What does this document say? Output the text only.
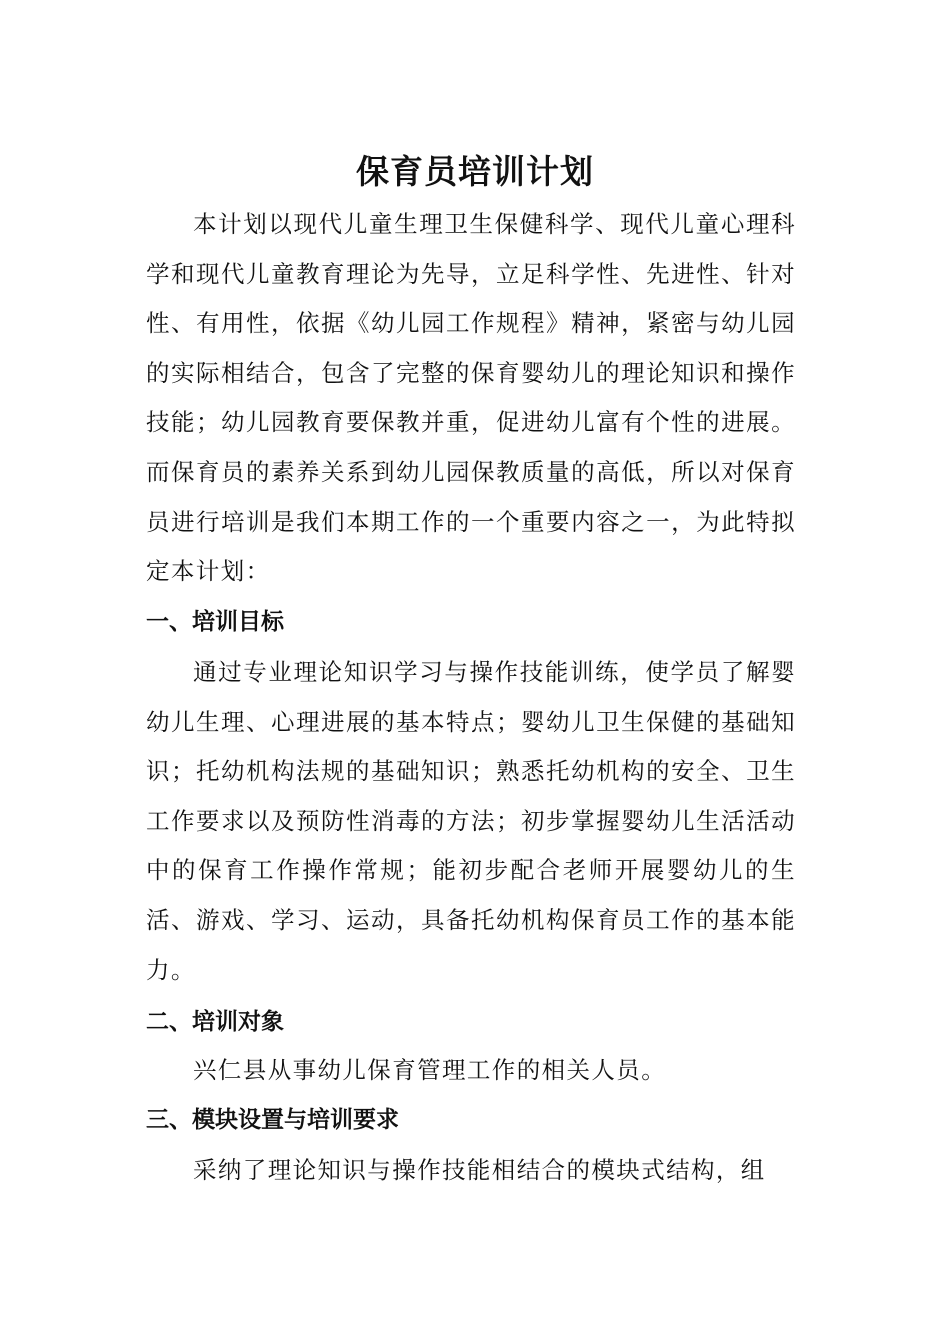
保育员培训计划

本计划以现代儿童生理卫生保健科学、现代儿童心理科学和现代儿童教育理论为先导，立足科学性、先进性、针对性、有用性，依据《幼儿园工作规程》精神，紧密与幼儿园的实际相结合，包含了完整的保育婴幼儿的理论知识和操作技能；幼儿园教育要保教并重，促进幼儿富有个性的进展。而保育员的素养关系到幼儿园保教质量的高低，所以对保育员进行培训是我们本期工作的一个重要内容之一，为此特拟定本计划：

一、培训目标

通过专业理论知识学习与操作技能训练，使学员了解婴幼儿生理、心理进展的基本特点；婴幼儿卫生保健的基础知识；托幼机构法规的基础知识；熟悉托幼机构的安全、卫生工作要求以及预防性消毒的方法；初步掌握婴幼儿生活活动中的保育工作操作常规；能初步配合老师开展婴幼儿的生活、游戏、学习、运动，具备托幼机构保育员工作的基本能力。

二、培训对象

兴仁县从事幼儿保育管理工作的相关人员。

三、模块设置与培训要求

采纳了理论知识与操作技能相结合的模块式结构，组
